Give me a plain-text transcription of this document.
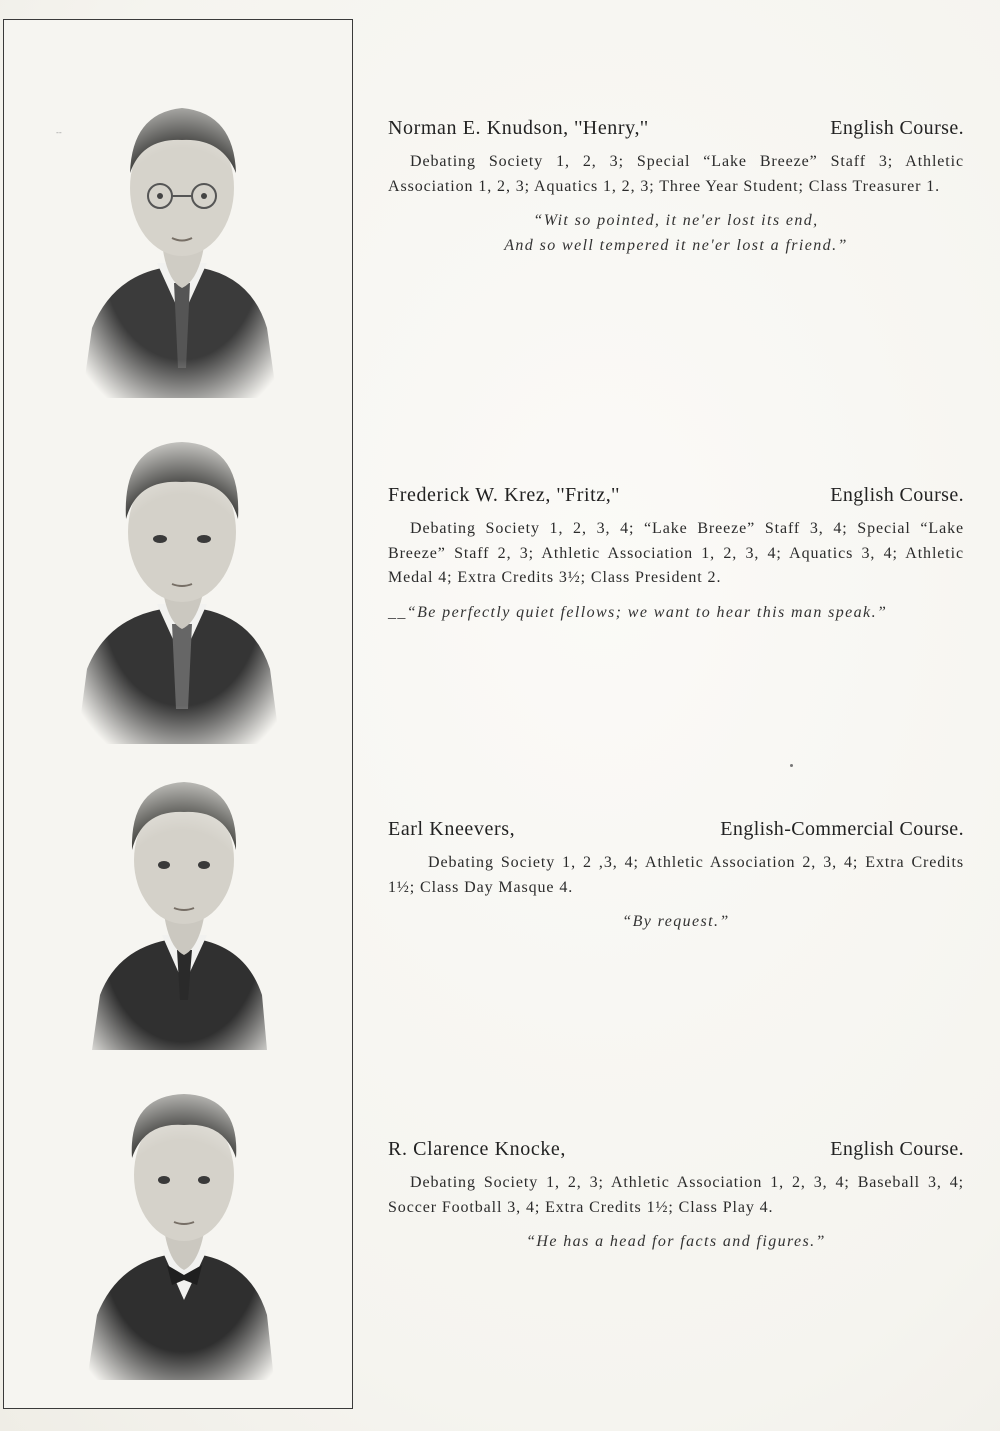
--	Norman E. Knudson, ''Henry,''	English Course.

Debating Society 1, 2, 3; Special “Lake Breeze” Staff 3; Athletic Association 1, 2, 3; Aquatics 1, 2, 3; Three Year Student; Class Treasurer 1.

“Wit so pointed, it ne'er lost its end,
And so well tempered it ne'er lost a friend.”
Frederick W. Krez, ''Fritz,''	English Course.

Debating Society 1, 2, 3, 4; “Lake Breeze” Staff 3, 4; Special “Lake Breeze” Staff 2, 3; Athletic Association 1, 2, 3, 4; Aquatics 3, 4; Athletic Medal 4; Extra Credits 3½; Class President 2.

__“Be perfectly quiet fellows; we want to hear this man speak.”

Earl Kneevers,	English-Commercial Course.

Debating Society 1, 2 ,3, 4; Athletic Association 2, 3, 4; Extra Credits 1½; Class Day Masque 4.

“By request.”

R. Clarence Knocke,	English Course.

Debating Society 1, 2, 3; Athletic Association 1, 2, 3, 4; Baseball 3, 4; Soccer Football 3, 4; Extra Credits 1½; Class Play 4.

“He has a head for facts and figures.”
